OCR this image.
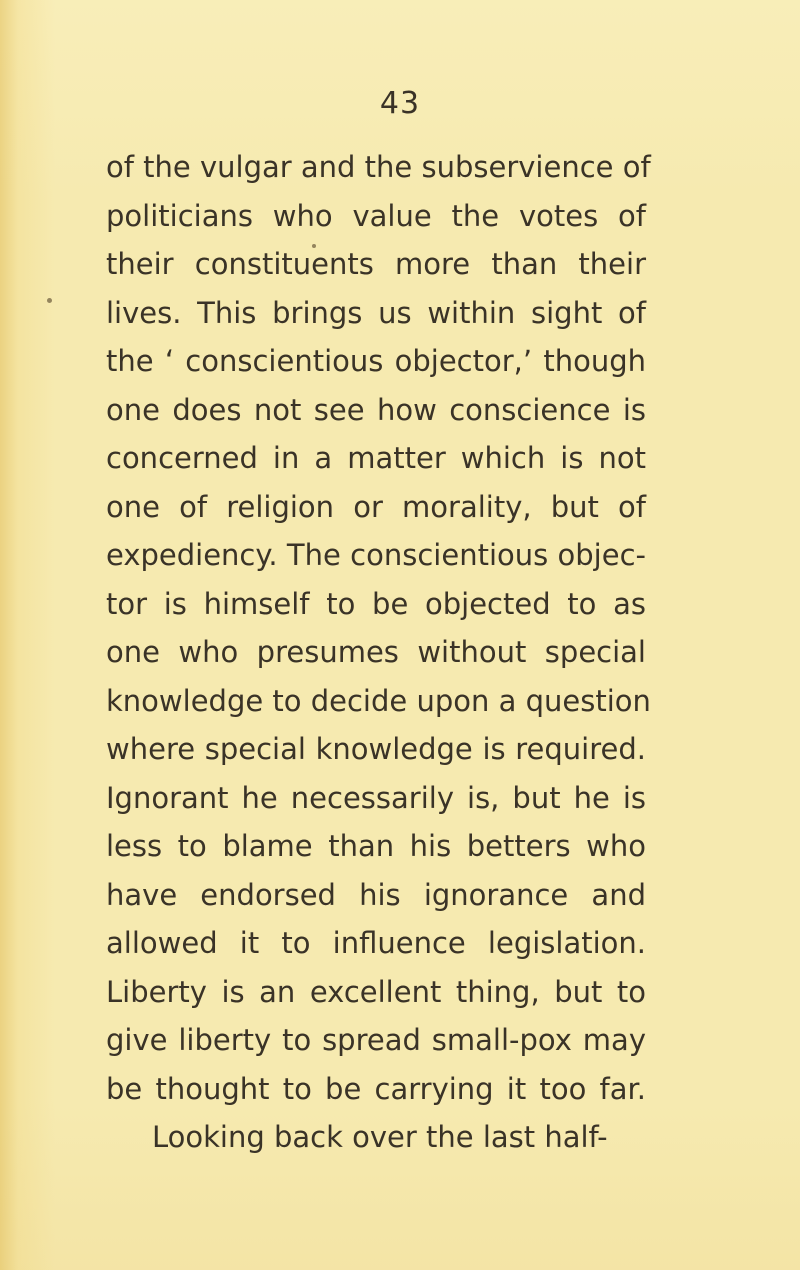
43
of the vulgar and the subservience of
politicians who value the votes of
their constituents more than their
lives. This brings us within sight of
the ‘ conscientious objector,’ though
one does not see how conscience is
concerned in a matter which is not
one of religion or morality, but of
expediency. The conscientious objec-
tor is himself to be objected to as
one who presumes without special
knowledge to decide upon a question
where special knowledge is required.
Ignorant he necessarily is, but he is
less to blame than his betters who
have endorsed his ignorance and
allowed it to influence legislation.
Liberty is an excellent thing, but to
give liberty to spread small-pox may
be thought to be carrying it too far.
Looking back over the last half-
